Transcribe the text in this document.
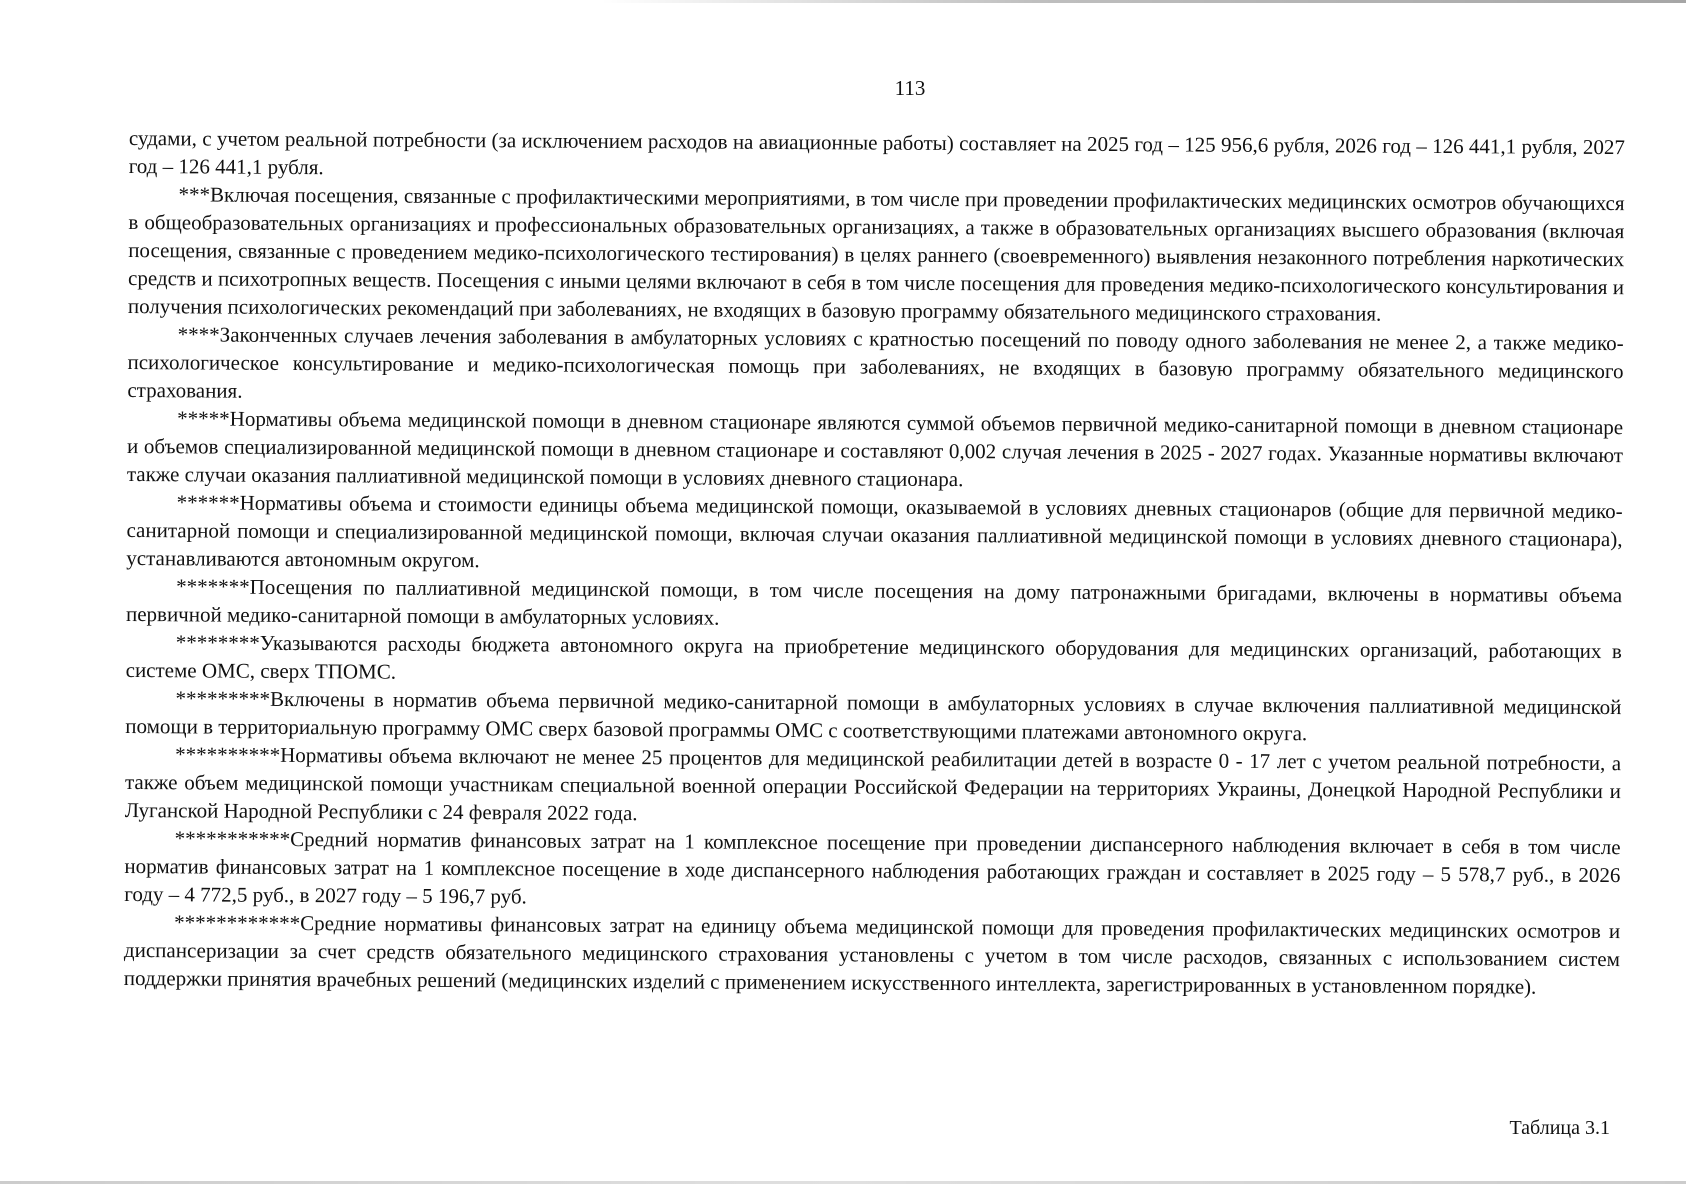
113

судами, с учетом реальной потребности (за исключением расходов на авиационные работы) составляет на 2025 год – 125 956,6 рубля, 2026 год – 126 441,1 рубля, 2027 год – 126 441,1 рубля.

***Включая посещения, связанные с профилактическими мероприятиями, в том числе при проведении профилактических медицинских осмотров обучающихся в общеобразовательных организациях и профессиональных образовательных организациях, а также в образовательных организациях высшего образования (включая посещения, связанные с проведением медико-психологического тестирования) в целях раннего (своевременного) выявления незаконного потребления наркотических средств и психотропных веществ. Посещения с иными целями включают в себя в том числе посещения для проведения медико-психологического консультирования и получения психологических рекомендаций при заболеваниях, не входящих в базовую программу обязательного медицинского страхования.

****Законченных случаев лечения заболевания в амбулаторных условиях с кратностью посещений по поводу одного заболевания не менее 2, а также медико-психологическое консультирование и медико-психологическая помощь при заболеваниях, не входящих в базовую программу обязательного медицинского страхования.

*****Нормативы объема медицинской помощи в дневном стационаре являются суммой объемов первичной медико-санитарной помощи в дневном стационаре и объемов специализированной медицинской помощи в дневном стационаре и составляют 0,002 случая лечения в 2025 - 2027 годах. Указанные нормативы включают также случаи оказания паллиативной медицинской помощи в условиях дневного стационара.

******Нормативы объема и стоимости единицы объема медицинской помощи, оказываемой в условиях дневных стационаров (общие для первичной медико-санитарной помощи и специализированной медицинской помощи, включая случаи оказания паллиативной медицинской помощи в условиях дневного стационара), устанавливаются автономным округом.

*******Посещения по паллиативной медицинской помощи, в том числе посещения на дому патронажными бригадами, включены в нормативы объема первичной медико-санитарной помощи в амбулаторных условиях.

********Указываются расходы бюджета автономного округа на приобретение медицинского оборудования для медицинских организаций, работающих в системе ОМС, сверх ТПОМС.

*********Включены в норматив объема первичной медико-санитарной помощи в амбулаторных условиях в случае включения паллиативной медицинской помощи в территориальную программу ОМС сверх базовой программы ОМС с соответствующими платежами автономного округа.

**********Нормативы объема включают не менее 25 процентов для медицинской реабилитации детей в возрасте 0 - 17 лет с учетом реальной потребности, а также объем медицинской помощи участникам специальной военной операции Российской Федерации на территориях Украины, Донецкой Народной Республики и Луганской Народной Республики с 24 февраля 2022 года.

***********Средний норматив финансовых затрат на 1 комплексное посещение при проведении диспансерного наблюдения включает в себя в том числе норматив финансовых затрат на 1 комплексное посещение в ходе диспансерного наблюдения работающих граждан и составляет в 2025 году – 5 578,7 руб., в 2026 году – 4 772,5 руб., в 2027 году – 5 196,7 руб.

************Средние нормативы финансовых затрат на единицу объема медицинской помощи для проведения профилактических медицинских осмотров и диспансеризации за счет средств обязательного медицинского страхования установлены с учетом в том числе расходов, связанных с использованием систем поддержки принятия врачебных решений (медицинских изделий с применением искусственного интеллекта, зарегистрированных в установленном порядке).

Таблица 3.1
